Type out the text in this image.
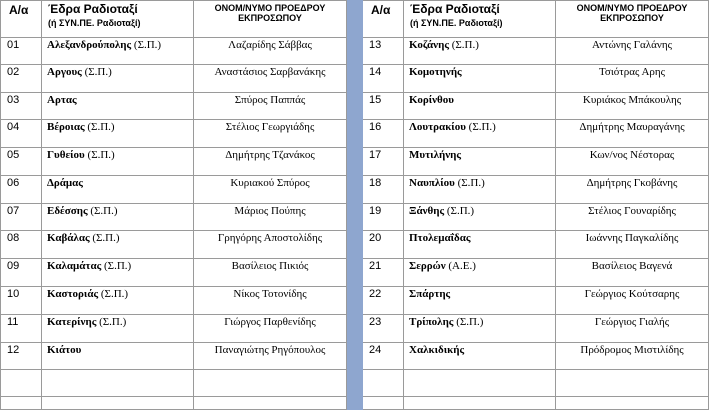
Α/α	Έδρα Ραδιοταξί
(ή ΣΥΝ.ΠΕ. Ραδιοταξί)	ΟΝΟΜ/ΝΥΜΟ ΠΡΟΕΔΡΟΥ ΕΚΠΡΟΣΩΠΟΥ		Α/α	Έδρα Ραδιοταξί
(ή ΣΥΝ.ΠΕ. Ραδιοταξί)	ΟΝΟΜ/ΝΥΜΟ ΠΡΟΕΔΡΟΥ ΕΚΠΡΟΣΩΠΟΥ
01	Αλεξανδρούπολης (Σ.Π.)	Λαζαρίδης Σάββας		13	Κοζάνης (Σ.Π.)	Αντώνης Γαλάνης
02	Αργους (Σ.Π.)	Αναστάσιος Σαρβανάκης		14	Κομοτηνής	Τσιότρας Αρης
03	Αρτας	Σπύρος Παππάς		15	Κορίνθου	Κυριάκος Μπάκουλης
04	Βέροιας (Σ.Π.)	Στέλιος Γεωργιάδης		16	Λουτρακίου (Σ.Π.)	Δημήτρης Μαυραγάνης
05	Γυθείου (Σ.Π.)	Δημήτρης Τζανάκος		17	Μυτιλήνης	Κων/νος Νέστορας
06	Δράμας	Κυριακού Σπύρος		18	Ναυπλίου (Σ.Π.)	Δημήτρης Γκοβάνης
07	Εδέσσης (Σ.Π.)	Μάριος Πούπης		19	Ξάνθης (Σ.Π.)	Στέλιος Γουναρίδης
08	Καβάλας (Σ.Π.)	Γρηγόρης Αποστολίδης		20	Πτολεμαΐδας	Ιωάννης Παγκαλίδης
09	Καλαμάτας (Σ.Π.)	Βασίλειος Πικιός		21	Σερρών (Α.Ε.)	Βασίλειος Βαγενά
10	Καστοριάς (Σ.Π.)	Νίκος Τοτονίδης		22	Σπάρτης	Γεώργιος Κούτσαρης
11	Κατερίνης (Σ.Π.)	Γιώργος Παρθενίδης		23	Τρίπολης (Σ.Π.)	Γεώργιος Γιαλής
12	Κιάτου	Παναγιώτης Ρηγόπουλος		24	Χαλκιδικής	Πρόδρομος Μιστιλίδης
